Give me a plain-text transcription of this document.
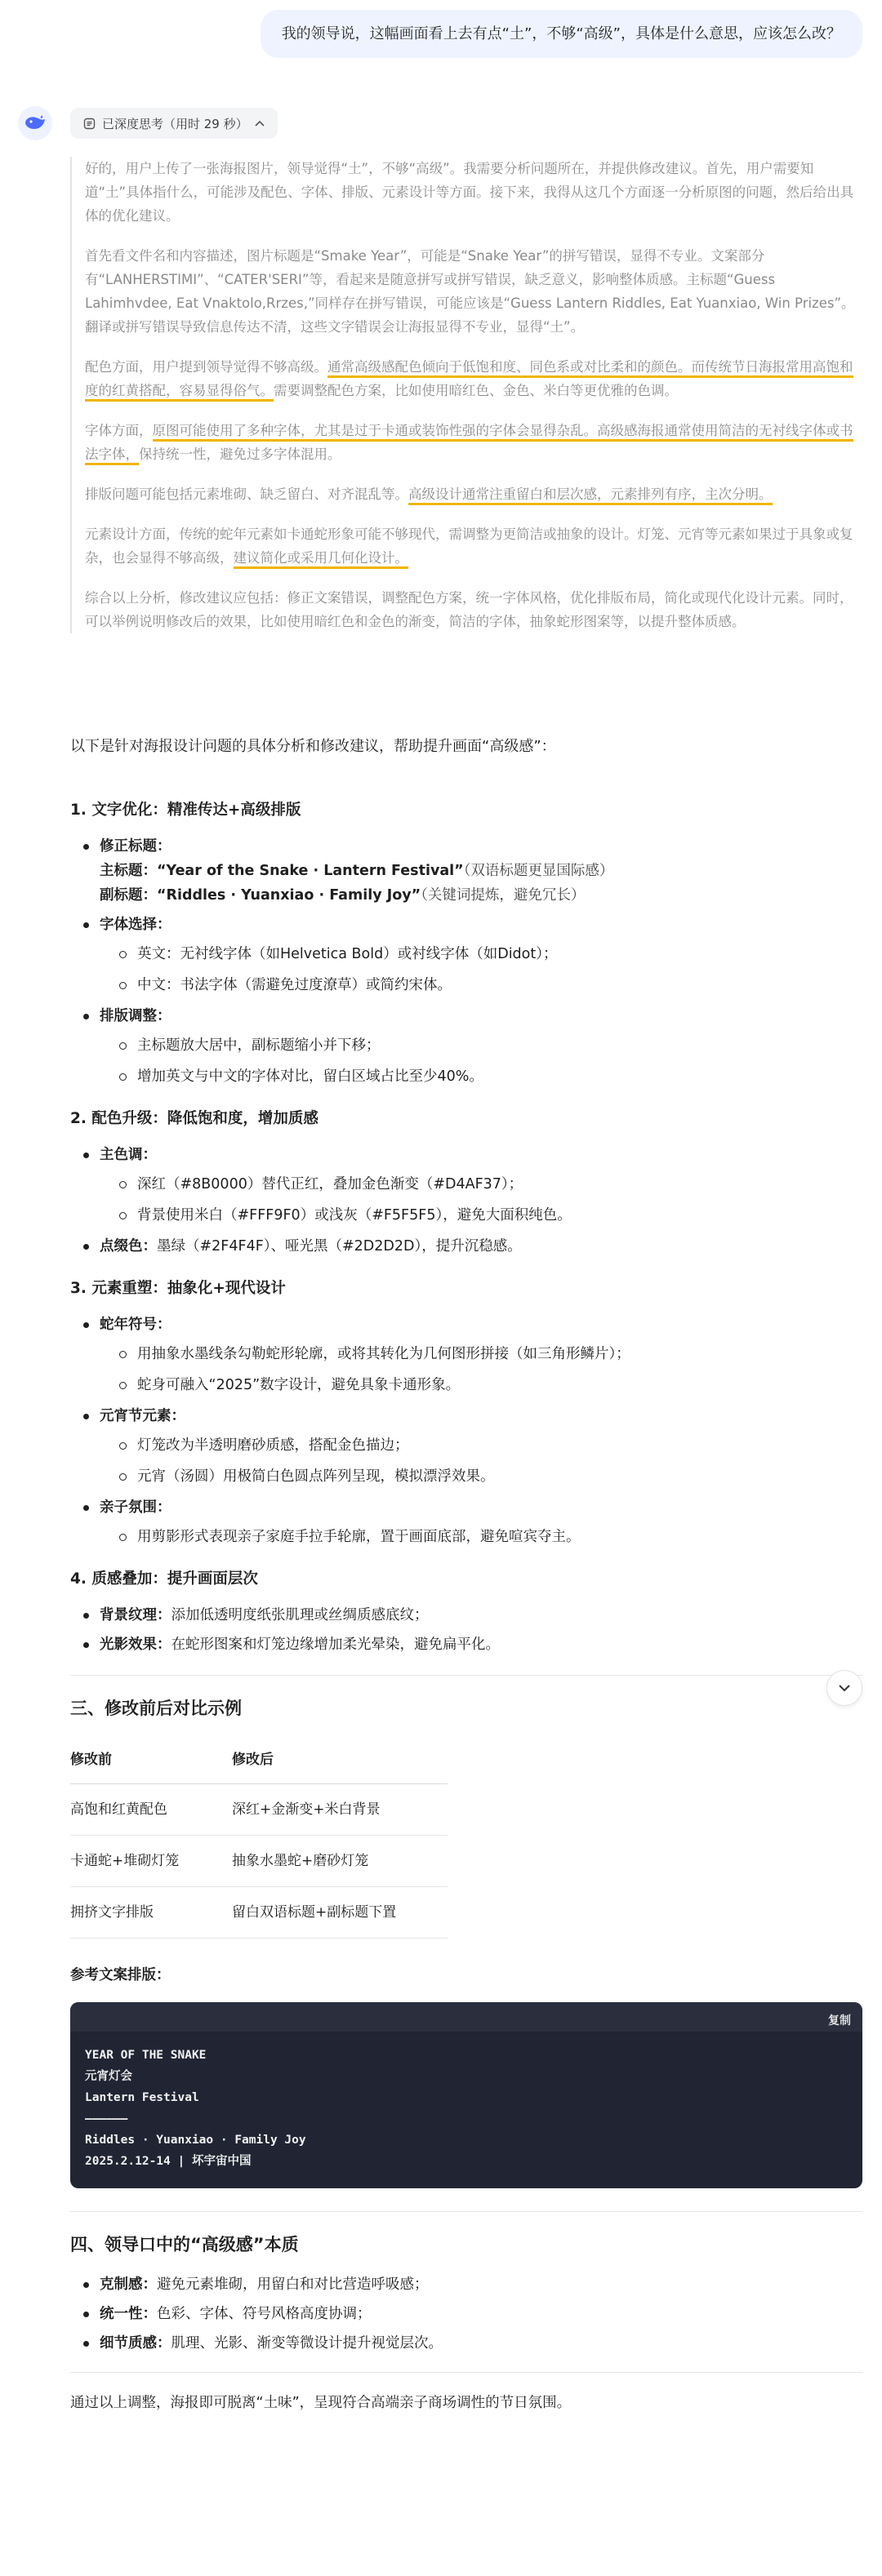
我的领导说，这幅画面看上去有点“土”，不够“高级”，具体是什么意思，应该怎么改？
已深度思考（用时 29 秒）

好的，用户上传了一张海报图片，领导觉得“土”，不够“高级”。我需要分析问题所在，并提供修改建议。首先，用户需要知道“土”具体指什么，可能涉及配色、字体、排版、元素设计等方面。接下来，我得从这几个方面逐一分析原图的问题，然后给出具体的优化建议。

首先看文件名和内容描述，图片标题是“Smake Year”，可能是“Snake Year”的拼写错误，显得不专业。文案部分有“LANHERSTIMI”、“CATER'SERI”等，看起来是随意拼写或拼写错误，缺乏意义，影响整体质感。主标题“Guess Lahimhvdee, Eat Vnaktolo,Rrzes,”同样存在拼写错误，可能应该是“Guess Lantern Riddles, Eat Yuanxiao, Win Prizes”。翻译或拼写错误导致信息传达不清，这些文字错误会让海报显得不专业，显得“土”。

配色方面，用户提到领导觉得不够高级。通常高级感配色倾向于低饱和度、同色系或对比柔和的颜色。而传统节日海报常用高饱和度的红黄搭配，容易显得俗气。需要调整配色方案，比如使用暗红色、金色、米白等更优雅的色调。

字体方面，原图可能使用了多种字体，尤其是过于卡通或装饰性强的字体会显得杂乱。高级感海报通常使用简洁的无衬线字体或书法字体，保持统一性，避免过多字体混用。

排版问题可能包括元素堆砌、缺乏留白、对齐混乱等。高级设计通常注重留白和层次感，元素排列有序，主次分明。

元素设计方面，传统的蛇年元素如卡通蛇形象可能不够现代，需调整为更简洁或抽象的设计。灯笼、元宵等元素如果过于具象或复杂，也会显得不够高级，建议简化或采用几何化设计。

综合以上分析，修改建议应包括：修正文案错误，调整配色方案，统一字体风格，优化排版布局，简化或现代化设计元素。同时，可以举例说明修改后的效果，比如使用暗红色和金色的渐变，简洁的字体，抽象蛇形图案等，以提升整体质感。

以下是针对海报设计问题的具体分析和修改建议，帮助提升画面“高级感”：

1. 文字优化：精准传达+高级排版
修正标题：
主标题：“Year of the Snake · Lantern Festival”（双语标题更显国际感）
副标题：“Riddles · Yuanxiao · Family Joy”（关键词提炼，避免冗长）
字体选择：
英文：无衬线字体（如Helvetica Bold）或衬线字体（如Didot）；
中文：书法字体（需避免过度潦草）或简约宋体。
排版调整：
主标题放大居中，副标题缩小并下移；
增加英文与中文的字体对比，留白区域占比至少40%。
2. 配色升级：降低饱和度，增加质感
主色调：
深红（#8B0000）替代正红，叠加金色渐变（#D4AF37）；
背景使用米白（#FFF9F0）或浅灰（#F5F5F5），避免大面积纯色。
点缀色：墨绿（#2F4F4F）、哑光黑（#2D2D2D），提升沉稳感。
3. 元素重塑：抽象化+现代设计
蛇年符号：
用抽象水墨线条勾勒蛇形轮廓，或将其转化为几何图形拼接（如三角形鳞片）；
蛇身可融入“2025”数字设计，避免具象卡通形象。
元宵节元素：
灯笼改为半透明磨砂质感，搭配金色描边；
元宵（汤圆）用极简白色圆点阵列呈现，模拟漂浮效果。
亲子氛围：
用剪影形式表现亲子家庭手拉手轮廓，置于画面底部，避免喧宾夺主。
4. 质感叠加：提升画面层次
背景纹理：添加低透明度纸张肌理或丝绸质感底纹；
光影效果：在蛇形图案和灯笼边缘增加柔光晕染，避免扁平化。
三、修改前后对比示例
修改前	修改后
高饱和红黄配色	深红+金渐变+米白背景
卡通蛇+堆砌灯笼	抽象水墨蛇+磨砂灯笼
拥挤文字排版	留白双语标题+副标题下置

参考文案排版：

复制
YEAR OF THE SNAKE
元宵灯会
Lantern Festival
——————
Riddles · Yuanxiao · Family Joy
2025.2.12-14 | 坏宇宙中国
四、领导口中的“高级感”本质
克制感：避免元素堆砌，用留白和对比营造呼吸感；
统一性：色彩、字体、符号风格高度协调；
细节质感：肌理、光影、渐变等微设计提升视觉层次。

通过以上调整，海报即可脱离“土味”，呈现符合高端亲子商场调性的节日氛围。
